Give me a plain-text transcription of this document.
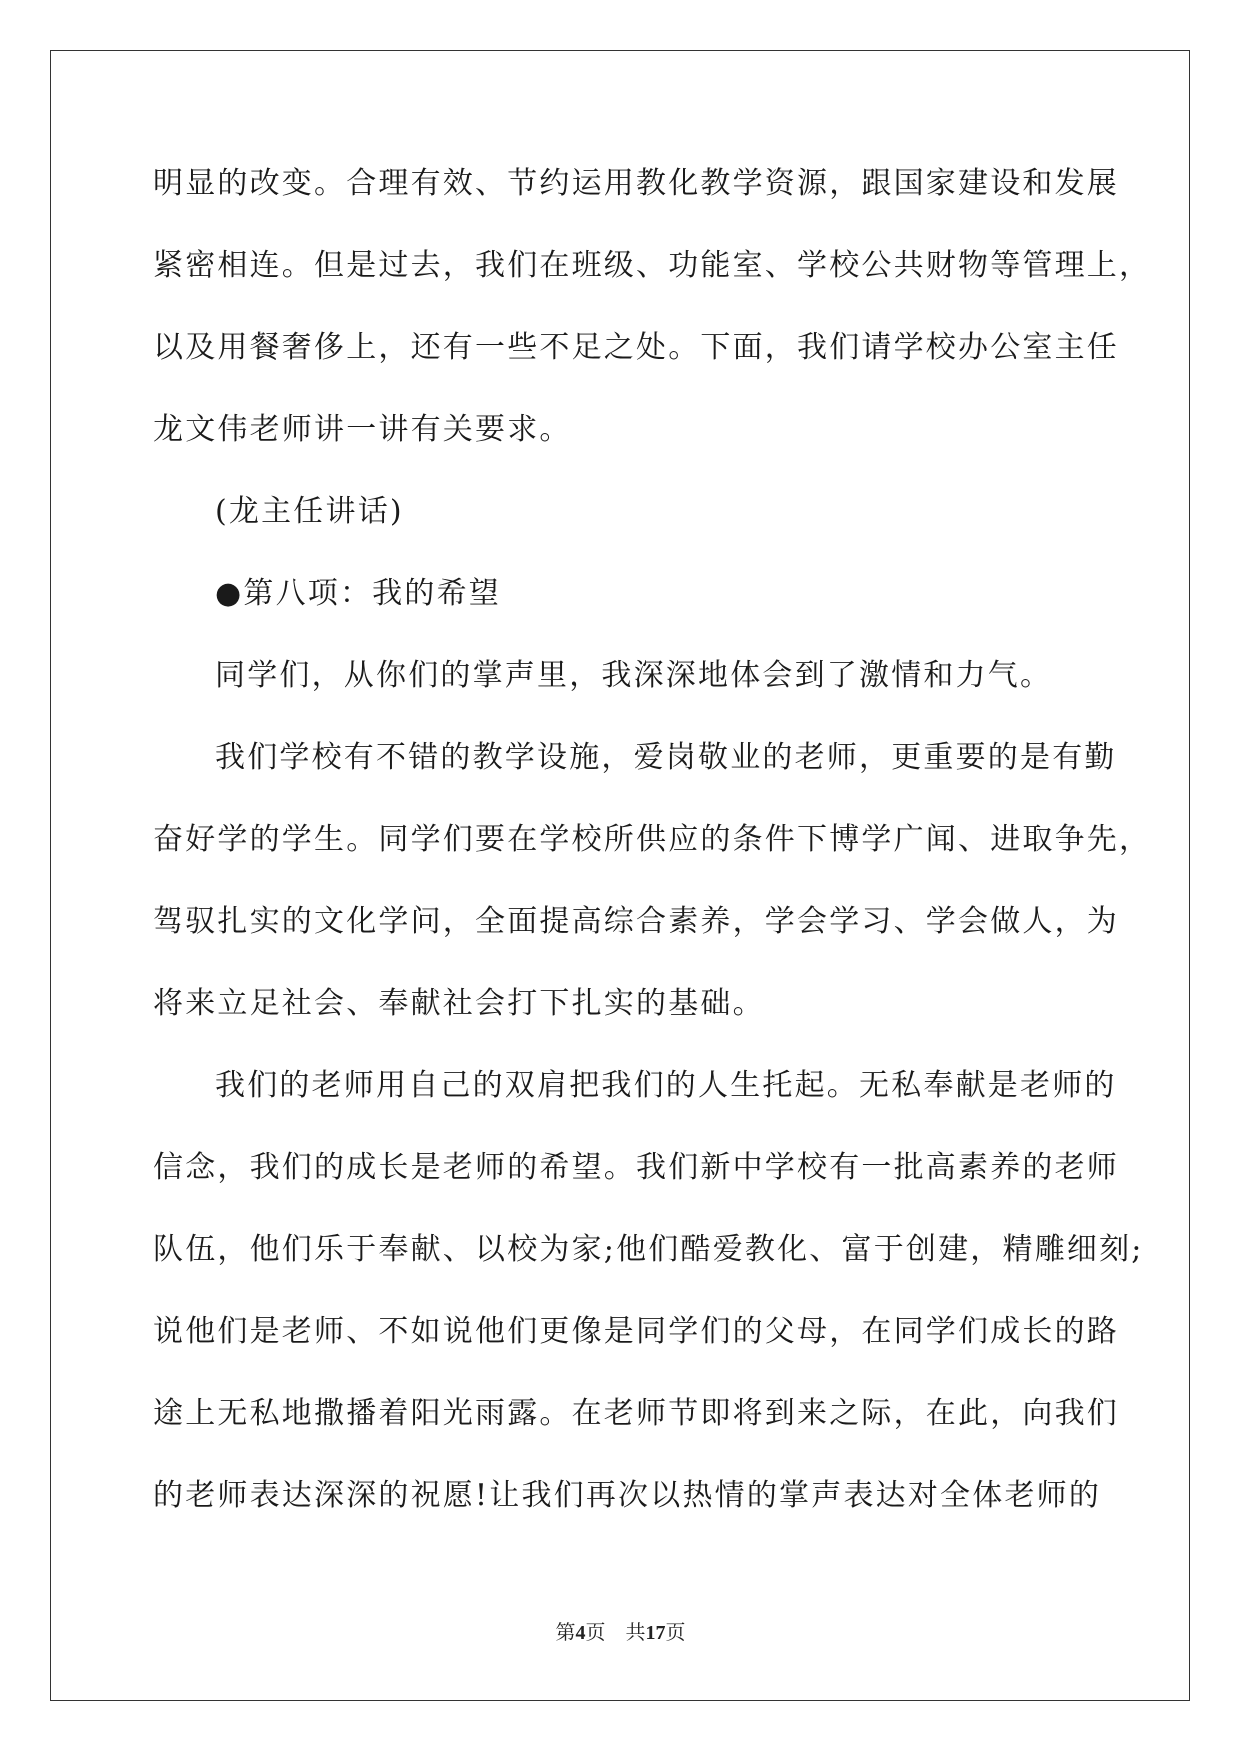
明显的改变。合理有效、节约运用教化教学资源，跟国家建设和发展
紧密相连。但是过去，我们在班级、功能室、学校公共财物等管理上，
以及用餐奢侈上，还有一些不足之处。下面，我们请学校办公室主任
龙文伟老师讲一讲有关要求。
(龙主任讲话)
●第八项：我的希望
同学们，从你们的掌声里，我深深地体会到了激情和力气。
我们学校有不错的教学设施，爱岗敬业的老师，更重要的是有勤
奋好学的学生。同学们要在学校所供应的条件下博学广闻、进取争先，
驾驭扎实的文化学问，全面提高综合素养，学会学习、学会做人，为
将来立足社会、奉献社会打下扎实的基础。
我们的老师用自己的双肩把我们的人生托起。无私奉献是老师的
信念，我们的成长是老师的希望。我们新中学校有一批高素养的老师
队伍，他们乐于奉献、以校为家;他们酷爱教化、富于创建，精雕细刻;
说他们是老师、不如说他们更像是同学们的父母，在同学们成长的路
途上无私地撒播着阳光雨露。在老师节即将到来之际，在此，向我们
的老师表达深深的祝愿!让我们再次以热情的掌声表达对全体老师的
第4页 共17页
